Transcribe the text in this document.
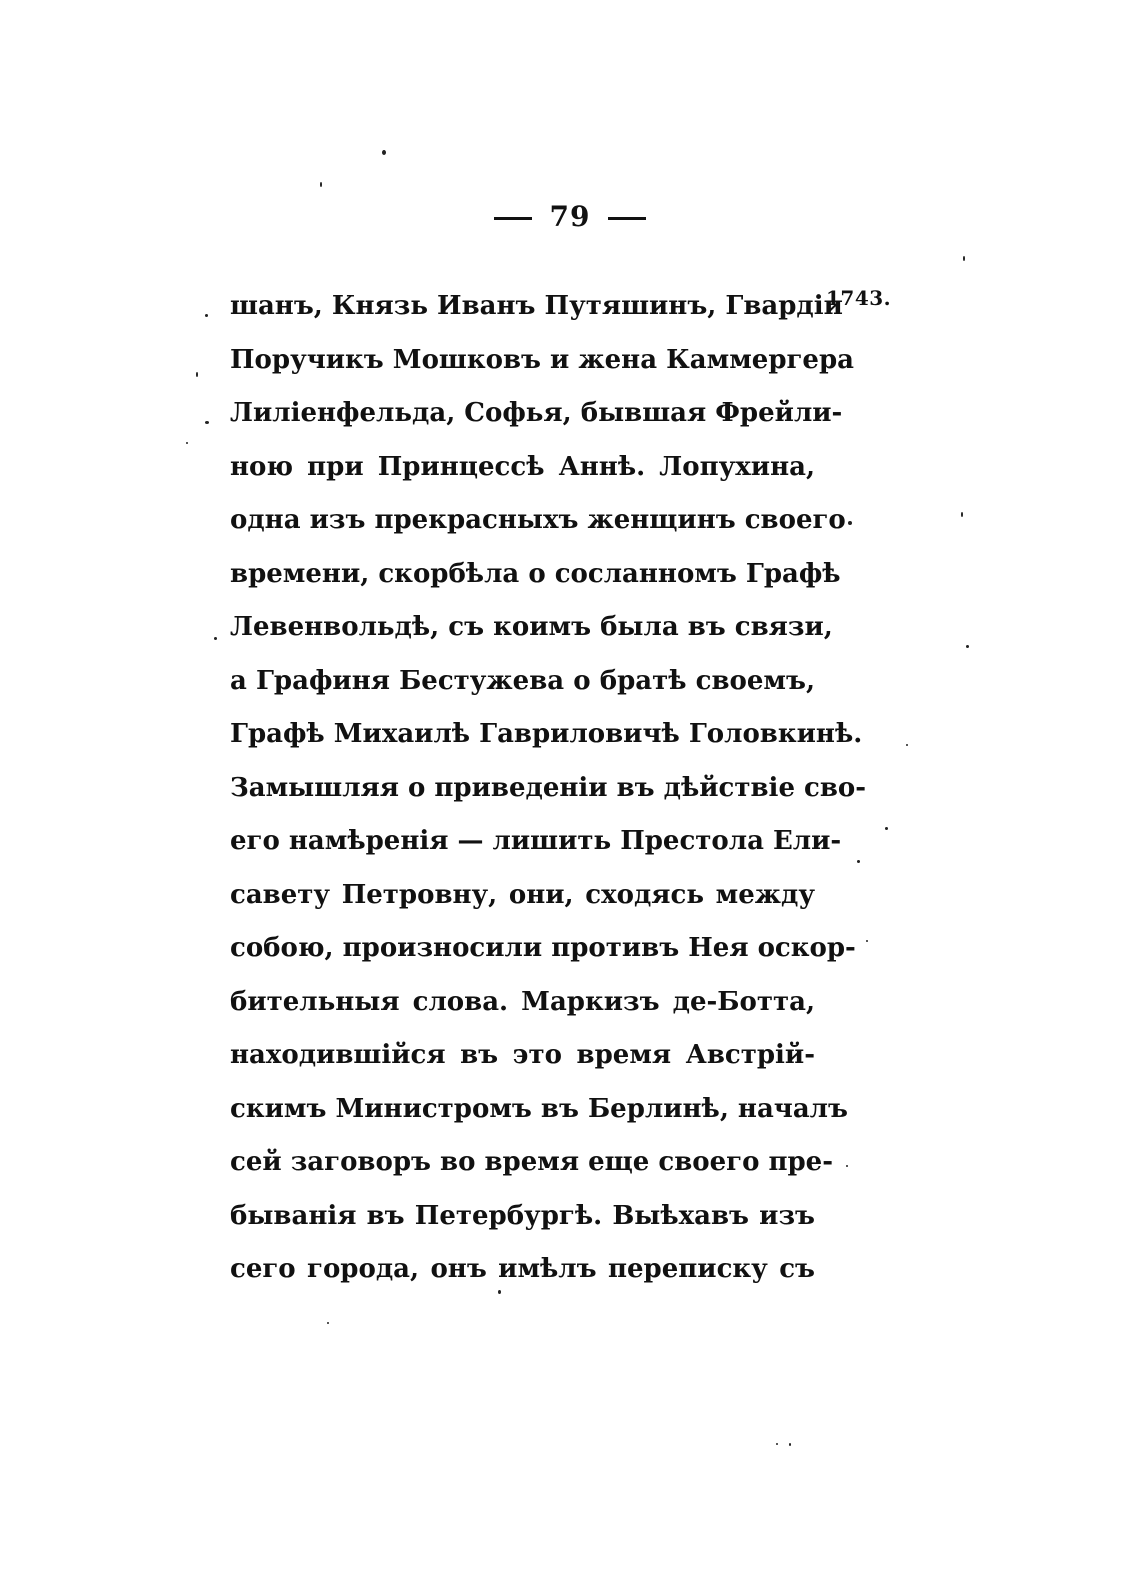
79
1743.
шанъ, Князь Иванъ Путяшинъ, Гвардіи
Поручикъ Мошковъ и жена Каммергера
Лиліенфельда, Софья, бывшая Фрейли-
ною при Принцессѣ Аннѣ. Лопухина,
одна изъ прекрасныхъ женщинъ своего
времени, скорбѣла о сосланномъ Графѣ
Левенвольдѣ, съ коимъ была въ связи,
а Графиня Бестужева о братѣ своемъ,
Графѣ Михаилѣ Гавриловичѣ Головкинѣ.
Замышляя о приведеніи въ дѣйствіе сво-
его намѣренія — лишить Престола Ели-
савету Петровну, они, сходясь между
собою, произносили противъ Нея оскор-
бительныя слова. Маркизъ де-Ботта,
находившійся въ это время Австрій-
скимъ Министромъ въ Берлинѣ, началъ
сей заговоръ во время еще своего пре-
быванія въ Петербургѣ. Выѣхавъ изъ
сего города, онъ имѣлъ переписку съ
